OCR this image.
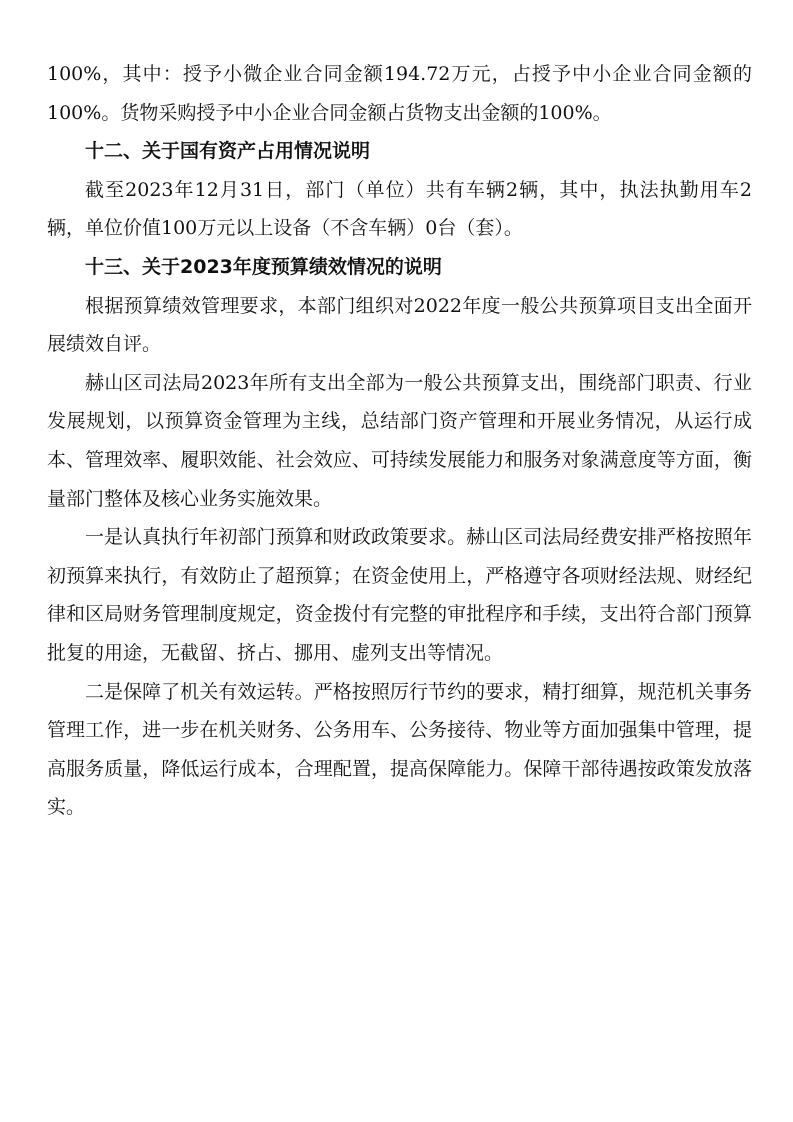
100%，其中：授予小微企业合同金额194.72万元，占授予中小企业合同金额的100%。货物采购授予中小企业合同金额占货物支出金额的100%。

十二、关于国有资产占用情况说明

截至2023年12月31日，部门（单位）共有车辆2辆，其中，执法执勤用车2辆，单位价值100万元以上设备（不含车辆）0台（套）。

十三、关于2023年度预算绩效情况的说明

根据预算绩效管理要求，本部门组织对2022年度一般公共预算项目支出全面开展绩效自评。

赫山区司法局2023年所有支出全部为一般公共预算支出，围绕部门职责、行业发展规划，以预算资金管理为主线，总结部门资产管理和开展业务情况，从运行成本、管理效率、履职效能、社会效应、可持续发展能力和服务对象满意度等方面，衡量部门整体及核心业务实施效果。

一是认真执行年初部门预算和财政政策要求。赫山区司法局经费安排严格按照年初预算来执行，有效防止了超预算；在资金使用上，严格遵守各项财经法规、财经纪律和区局财务管理制度规定，资金拨付有完整的审批程序和手续，支出符合部门预算批复的用途，无截留、挤占、挪用、虚列支出等情况。

二是保障了机关有效运转。严格按照厉行节约的要求，精打细算，规范机关事务管理工作，进一步在机关财务、公务用车、公务接待、物业等方面加强集中管理，提高服务质量，降低运行成本，合理配置，提高保障能力。保障干部待遇按政策发放落实。
